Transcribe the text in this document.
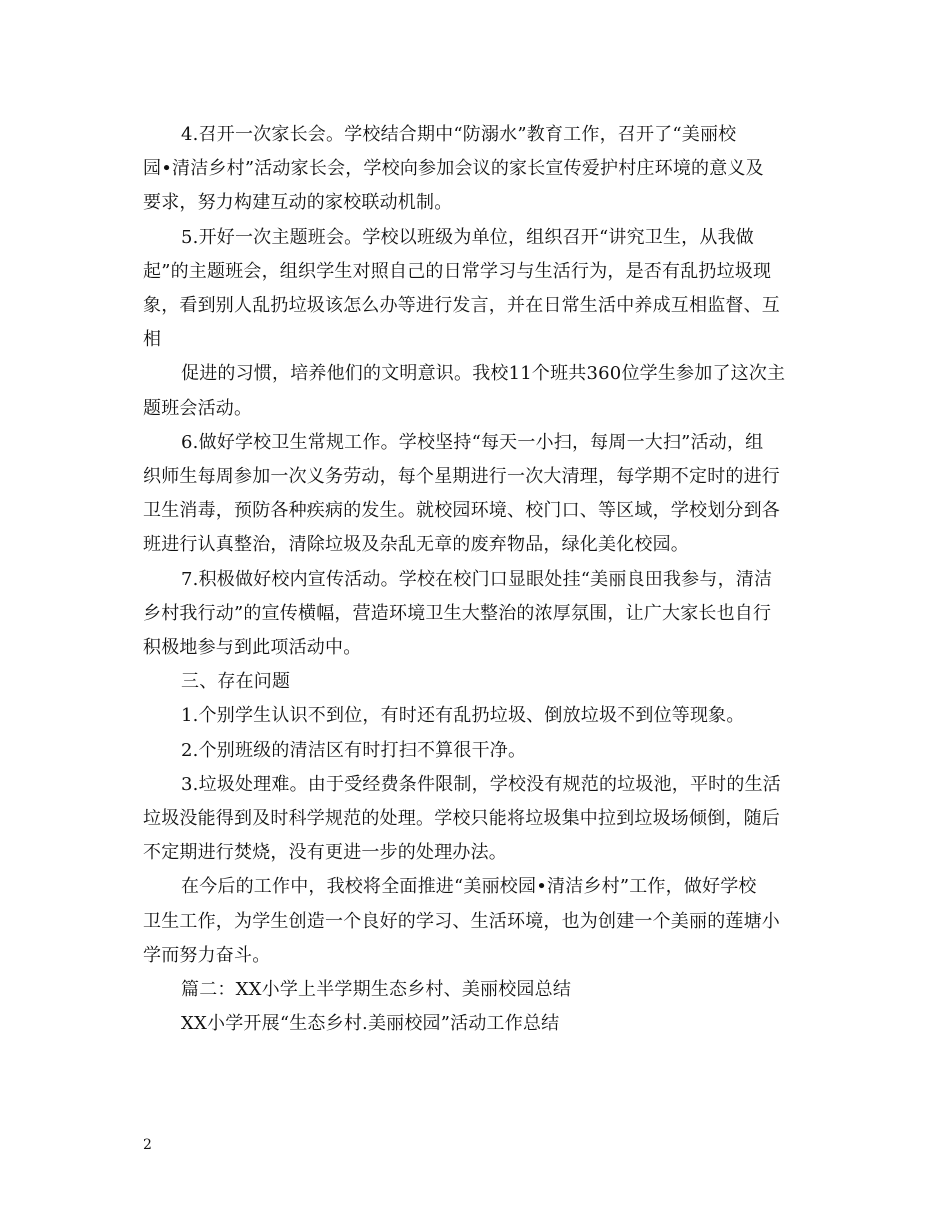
4.召开一次家长会。学校结合期中“防溺水”教育工作，召开了“美丽校

园•清洁乡村”活动家长会，学校向参加会议的家长宣传爱护村庄环境的意义及

要求，努力构建互动的家校联动机制。

5.开好一次主题班会。学校以班级为单位，组织召开“讲究卫生，从我做

起”的主题班会，组织学生对照自己的日常学习与生活行为，是否有乱扔垃圾现

象，看到别人乱扔垃圾该怎么办等进行发言，并在日常生活中养成互相监督、互

相

促进的习惯，培养他们的文明意识。我校11个班共360位学生参加了这次主

题班会活动。

6.做好学校卫生常规工作。学校坚持“每天一小扫，每周一大扫”活动，组

织师生每周参加一次义务劳动，每个星期进行一次大清理，每学期不定时的进行

卫生消毒，预防各种疾病的发生。就校园环境、校门口、等区域，学校划分到各

班进行认真整治，清除垃圾及杂乱无章的废弃物品，绿化美化校园。

7.积极做好校内宣传活动。学校在校门口显眼处挂“美丽良田我参与，清洁

乡村我行动”的宣传横幅，营造环境卫生大整治的浓厚氛围，让广大家长也自行

积极地参与到此项活动中。

三、存在问题

1.个别学生认识不到位，有时还有乱扔垃圾、倒放垃圾不到位等现象。

2.个别班级的清洁区有时打扫不算很干净。

3.垃圾处理难。由于受经费条件限制，学校没有规范的垃圾池，平时的生活

垃圾没能得到及时科学规范的处理。学校只能将垃圾集中拉到垃圾场倾倒，随后

不定期进行焚烧，没有更进一步的处理办法。

在今后的工作中，我校将全面推进“美丽校园•清洁乡村”工作，做好学校

卫生工作，为学生创造一个良好的学习、生活环境，也为创建一个美丽的莲塘小

学而努力奋斗。

篇二：XX小学上半学期生态乡村、美丽校园总结

XX小学开展“生态乡村.美丽校园”活动工作总结

2
